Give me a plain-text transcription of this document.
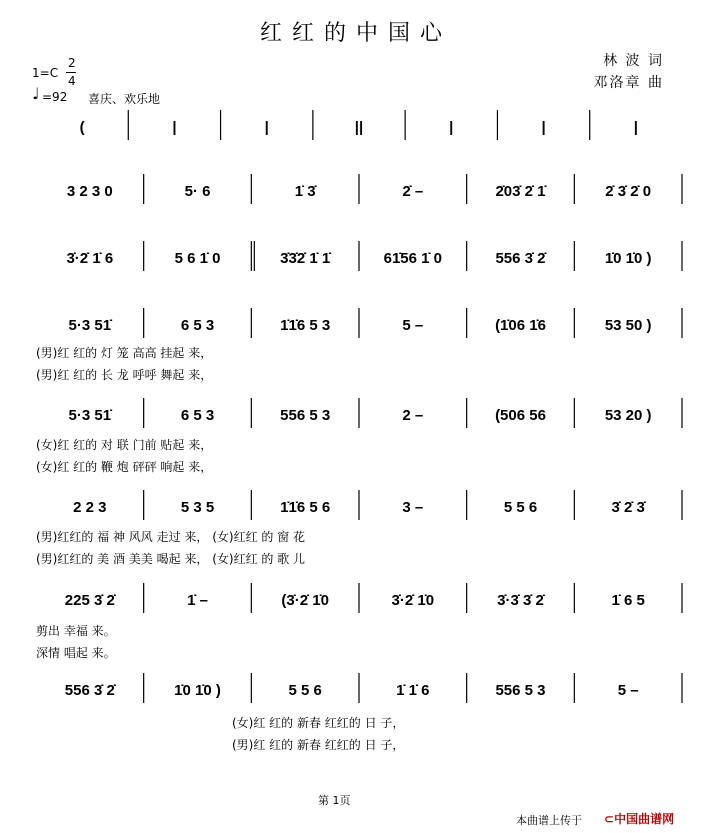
红红的中国心
林 波 词
邓洛章 曲
1=C
2
4
♩ =92 喜庆、欢乐地
(	|	|	||	|	|	|
3 2 3 0	5· 6	1̇ 3̇	2̇ –	2̇03̇ 2̇ 1̇	2̇ 3̇ 2̇ 0
3̇·2̇ 1̇ 6	5 6 1̇ 0	3̇3̇2̇ 1̇ 1̇	61̇56 1̇ 0	556 3̇ 2̇	1̇0 1̇0 )
5·3 51̇	6 5 3	1̇1̇6 5 3	5 –	(1̇06 1̇6	53 50 )
5·3 51̇	6 5 3	556 5 3	2 –	(506 56	53 20 )
2 2 3	5 3 5	1̇1̇6 5 6	3 –	5 5 6	3̇ 2̇ 3̇
225 3̇ 2̇	1̇ –	(3̇·2̇ 1̇0	3̇·2̇ 1̇0	3̇·3̇ 3̇ 2̇	1̇ 6 5
556 3̇ 2̇	1̇0 1̇0 )	5 5 6	1̇ 1̇ 6	556 5 3	5 –
(男)红 红的 灯 笼 高高 挂起 来，
(男)红 红的 长 龙 呼呼 舞起 来，
(女)红 红的 对 联 门前 贴起 来，
(女)红 红的 鞭 炮 砰砰 响起 来，
(男)红红的 福 神 风风 走过 来， (女)红红 的 窗 花
(男)红红的 美 酒 美美 喝起 来， (女)红红 的 歌 儿
剪出 幸福 来。
深情 唱起 来。
(女)红 红的 新春 红红的 日 子，
(男)红 红的 新春 红红的 日 子，
第 1页
本曲谱上传于 ⊂中国曲谱网
